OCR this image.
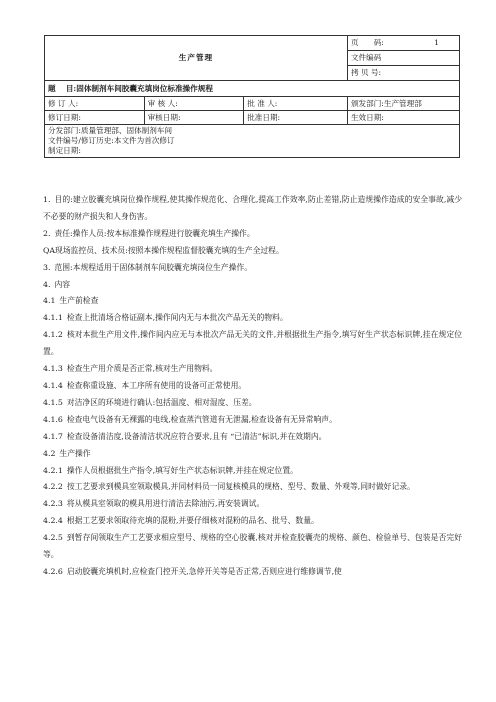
生产管理			页　　码: 1

			文件编码
			拷 贝 号:
题　 目:固体制剂车间胶囊充填岗位标准操作规程			
修 订 人:	审 核 人:	批 准 人:	颁发部门:生产管理部
修订日期:	审核日期:	批准日期:	生效日期:

分发部门:质量管理部、固体制剂车间
文件编号/修订历史:本文件为首次修订
制定日期:			

1. 目的:建立胶囊充填岗位操作规程,使其操作规范化、合理化,提高工作效率,防止差错,防止造规操作造成的安全事故,减少不必要的财产损失和人身伤害。

2. 责任:操作人员:按本标准操作规程进行胶囊充填生产操作。

QA现场监控员、技术员:按照本操作规程监督胶囊充填的生产全过程。

3. 范围:本规程适用于固体制剂车间胶囊充填岗位生产操作。

4. 内容

4.1 生产前检查

4.1.1 检查上批清场合格证副本,操作间内无与本批次产品无关的物料。

4.1.2 核对本批生产用文件,操作间内应无与本批次产品无关的文件,并根据批生产指令,填写好生产状态标识牌,挂在规定位置。

4.1.3 检查生产用介质是否正常,核对生产用物料。

4.1.4 检查称重设施、本工序所有使用的设备可正常使用。

4.1.5 对洁净区的环境进行确认:包括温度、相对湿度、压差。

4.1.6 检查电气设备有无裸露的电线,检查蒸汽管道有无泄漏,检查设备有无异常响声。

4.1.7 检查设备清洁度,设备清洁状况应符合要求,且有 “已清洁”标识,并在效期内。

4.2 生产操作

4.2.1 操作人员根据批生产指令,填写好生产状态标识牌,并挂在规定位置。

4.2.2 按工艺要求到模具室领取模具,并同材料员一同复核模具的规格、型号、数量、外观等,同时做好记录。

4.2.3 将从模具室领取的模具用进行清洁去除油污,再安装调试。

4.2.4 根据工艺要求领取待充填的混粉,并要仔细核对混粉的品名、批号、数量。

4.2.5 到暂存间领取生产工艺要求相应型号、规格的空心胶囊,核对并检查胶囊壳的规格、颜色、检验单号、包装是否完好等。

4.2.6 启动胶囊充填机时,应检查门控开关,急停开关等是否正常,否则应进行维修调节,使
